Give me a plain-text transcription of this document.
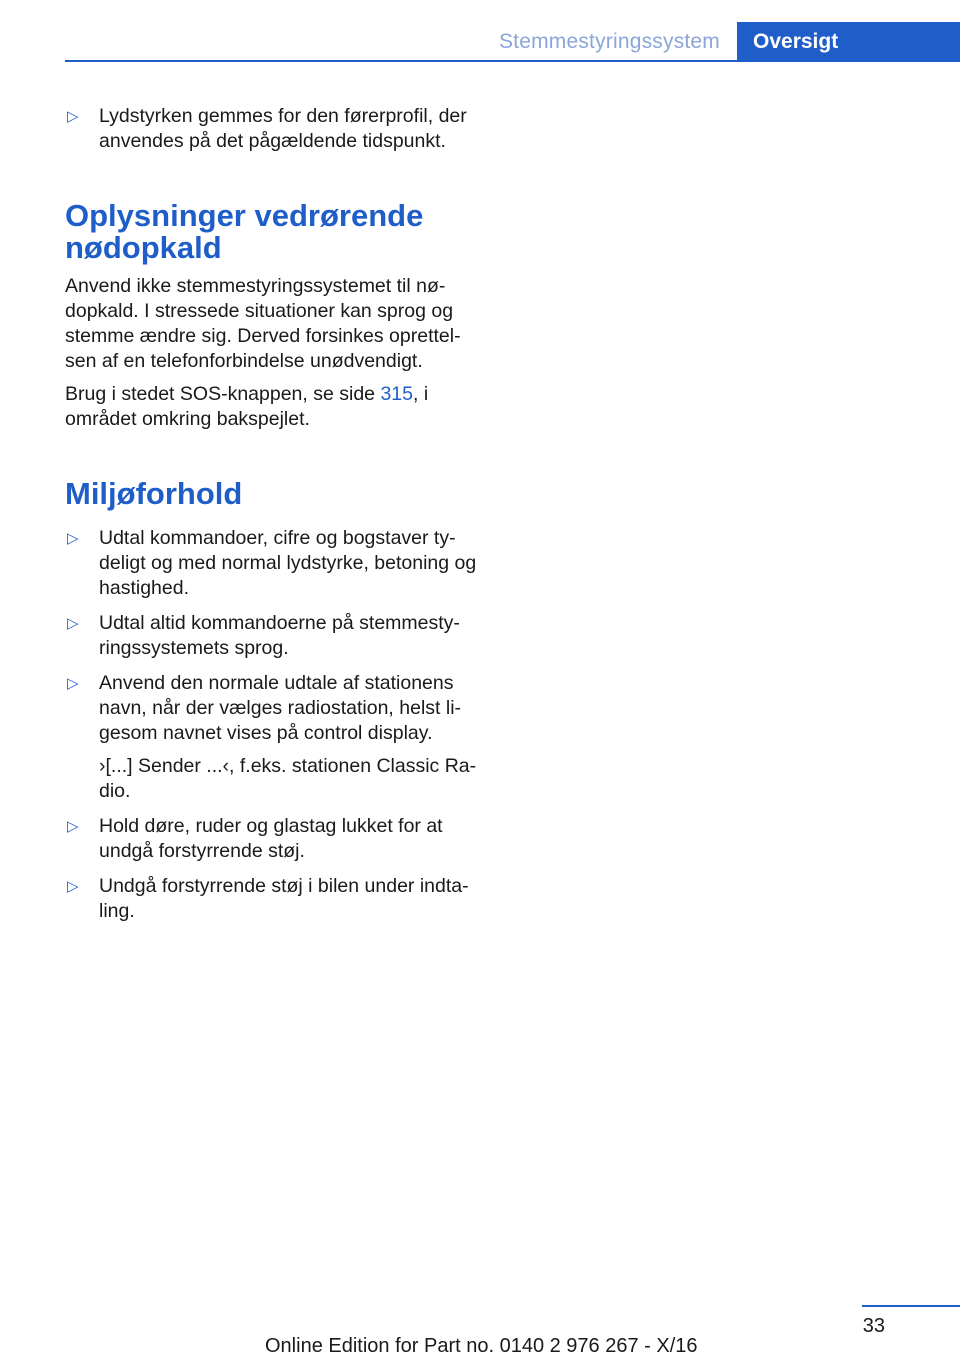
Stemmestyringssystem	Oversigt
▷ Lydstyrken gemmes for den førerprofil, der anvendes på det pågældende tidspunkt.
Oplysninger vedrørende
nødopkald

Anvend ikke stemmestyringssystemet til nødopkald. I stressede situationer kan sprog og stemme ændre sig. Derved forsinkes oprettelsen af en telefonforbindelse unødvendigt.

Brug i stedet SOS-knappen, se side 315, i området omkring bakspejlet.

Miljøforhold
▷ Udtal kommandoer, cifre og bogstaver tydeligt og med normal lydstyrke, betoning og hastighed.
▷ Udtal altid kommandoerne på stemmestyringssystemets sprog.
▷ Anvend den normale udtale af stationens navn, når der vælges radiostation, helst ligesom navnet vises på control display.
›[...] Sender ...‹, f.eks. stationen Classic Radio.
▷ Hold døre, ruder og glastag lukket for at undgå forstyrrende støj.
▷ Undgå forstyrrende støj i bilen under indtaling.
33
Online Edition for Part no. 0140 2 976 267 - X/16
